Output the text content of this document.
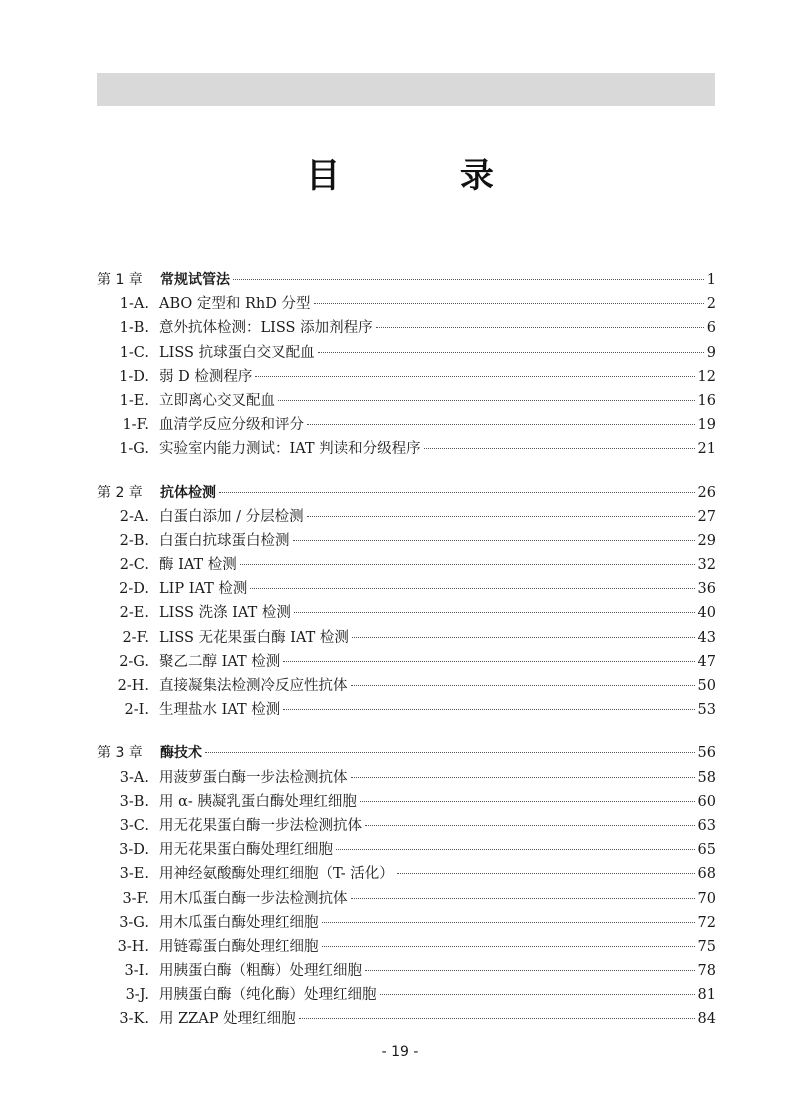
目 录
第 1 章	常规试管法	1
1-A. ABO 定型和 RhD 分型	2
1-B. 意外抗体检测：LISS 添加剂程序	6
1-C. LISS 抗球蛋白交叉配血	9
1-D. 弱 D 检测程序	12
1-E. 立即离心交叉配血	16
1-F. 血清学反应分级和评分	19
1-G. 实验室内能力测试：IAT 判读和分级程序	21
第 2 章	抗体检测	26
2-A. 白蛋白添加 / 分层检测	27
2-B. 白蛋白抗球蛋白检测	29
2-C. 酶 IAT 检测	32
2-D. LIP IAT 检测	36
2-E. LISS 洗涤 IAT 检测	40
2-F. LISS 无花果蛋白酶 IAT 检测	43
2-G. 聚乙二醇 IAT 检测	47
2-H. 直接凝集法检测冷反应性抗体	50
2-I. 生理盐水 IAT 检测	53
第 3 章	酶技术	56
3-A. 用菠萝蛋白酶一步法检测抗体	58
3-B. 用 α- 胰凝乳蛋白酶处理红细胞	60
3-C. 用无花果蛋白酶一步法检测抗体	63
3-D. 用无花果蛋白酶处理红细胞	65
3-E. 用神经氨酸酶处理红细胞（T- 活化）	68
3-F. 用木瓜蛋白酶一步法检测抗体	70
3-G. 用木瓜蛋白酶处理红细胞	72
3-H. 用链霉蛋白酶处理红细胞	75
3-I. 用胰蛋白酶（粗酶）处理红细胞	78
3-J. 用胰蛋白酶（纯化酶）处理红细胞	81
3-K. 用 ZZAP 处理红细胞	84
- 19 -
